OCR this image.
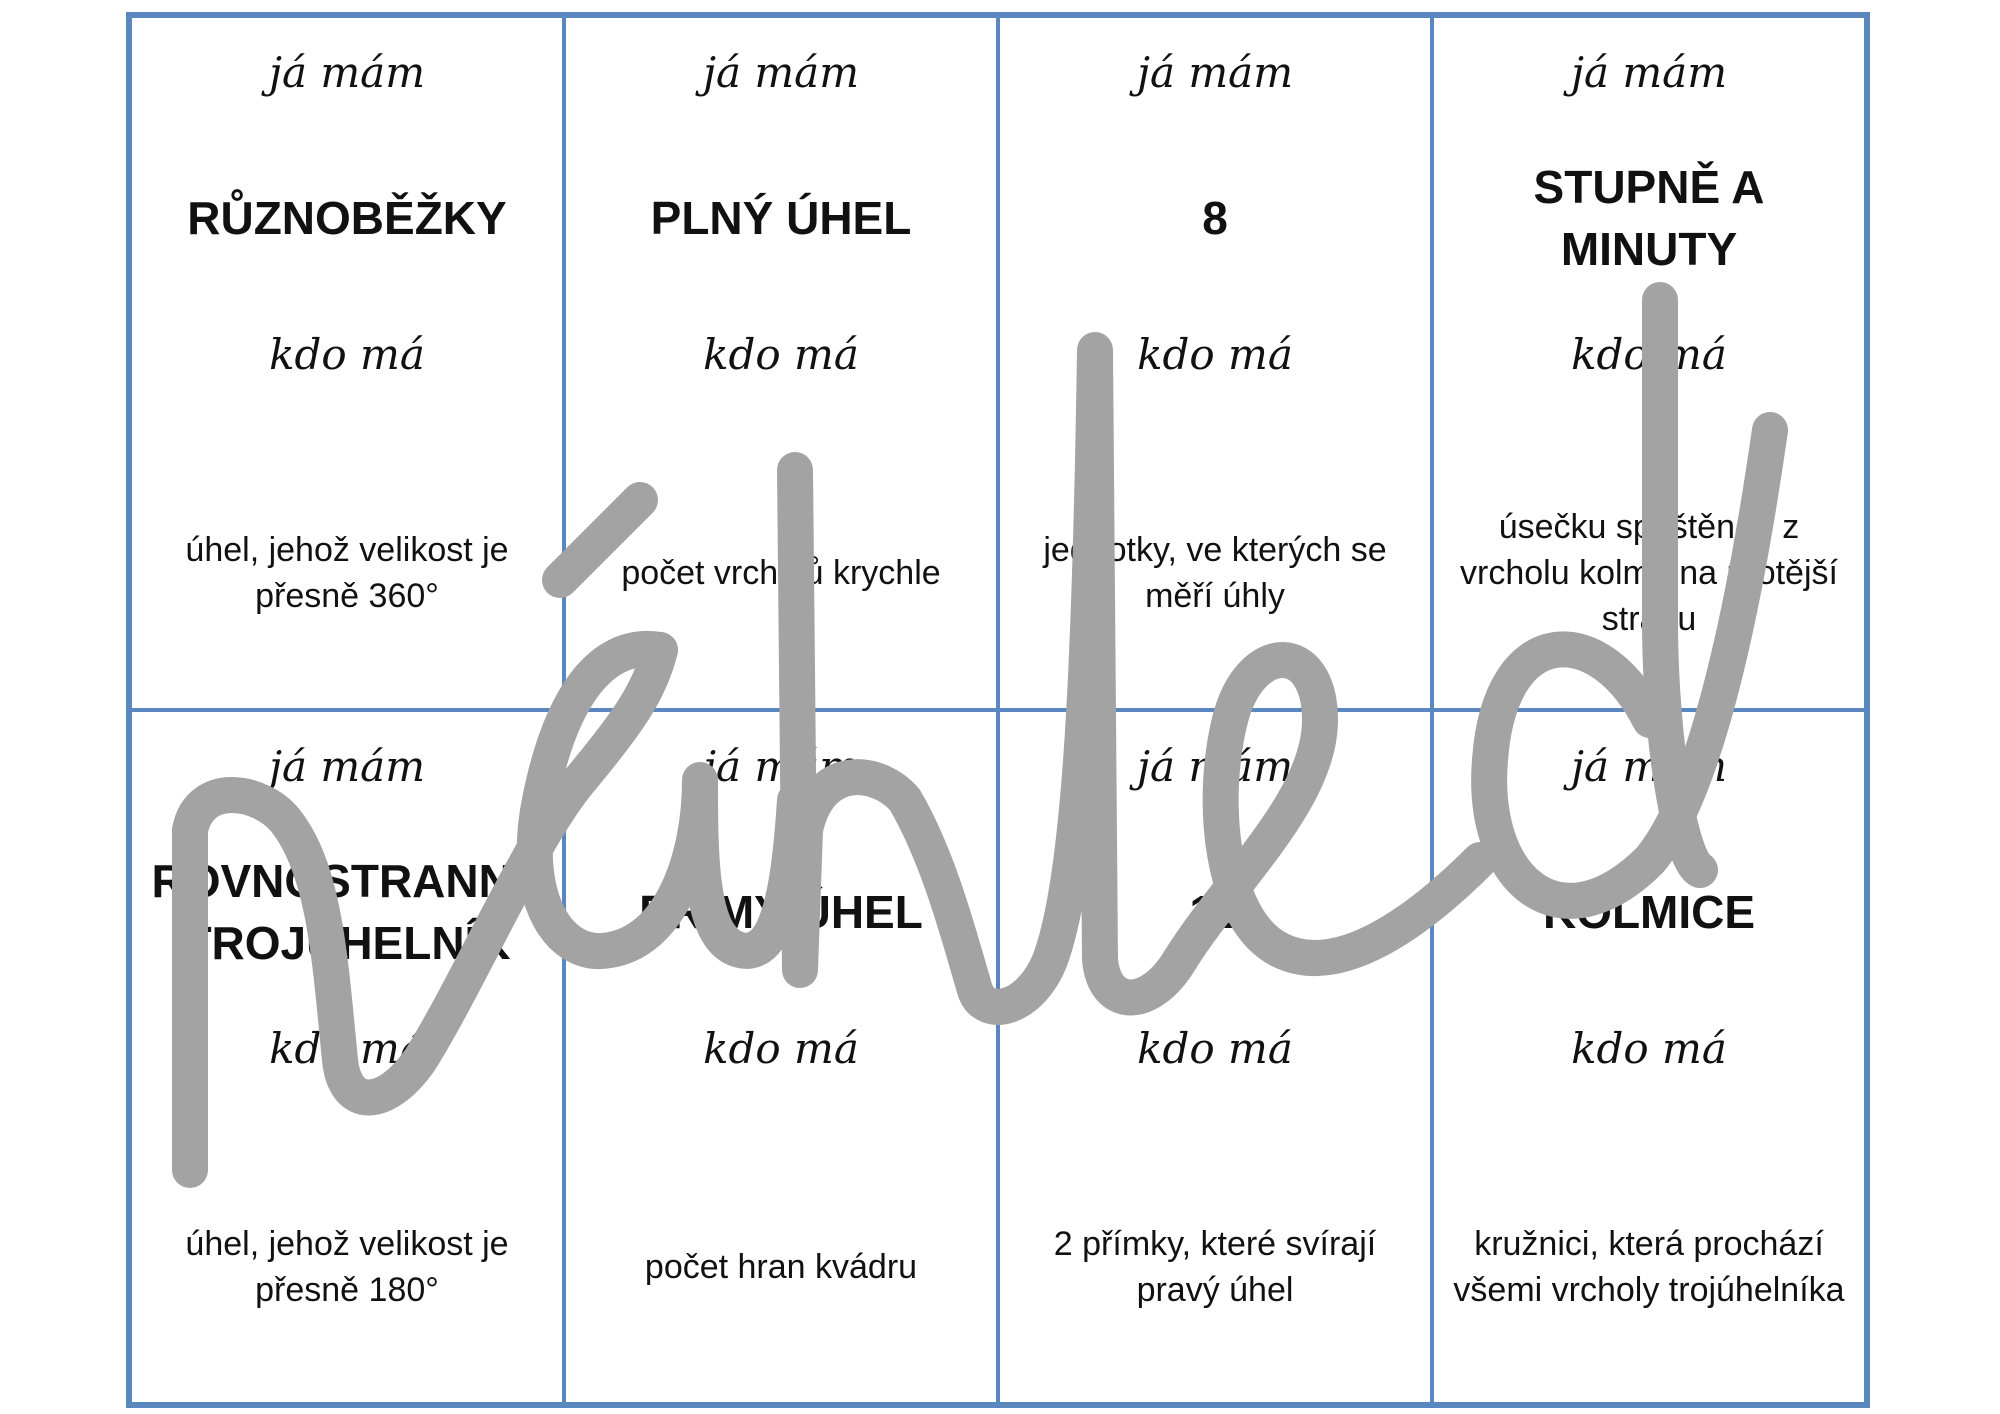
já mám
RŮZNOBĚŽKY
kdo má
úhel, jehož velikost je přesně 360°
já mám
PLNÝ ÚHEL
kdo má
počet vrcholů krychle
já mám
8
kdo má
jednotky, ve kterých se měří úhly
já mám
STUPNĚ A MINUTY
kdo má
úsečku spuštěnou z vrcholu kolmo na protější stranu
já mám
ROVNOSTRANNÝ TROJÚHELNÍK
kdo má
úhel, jehož velikost je přesně 180°
já mám
PŘÍMÝ ÚHEL
kdo má
počet hran kvádru
já mám
12
kdo má
2 přímky, které svírají pravý úhel
já mám
KOLMICE
kdo má
kružnici, která prochází všemi vrcholy trojúhelníka
